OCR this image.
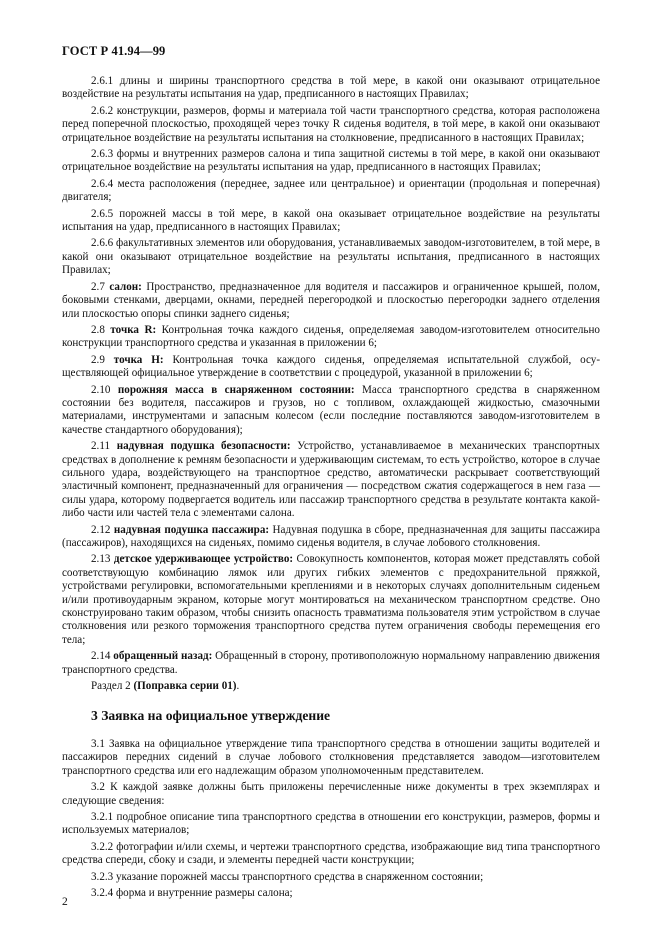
ГОСТ Р 41.94—99

2.6.1 длины и ширины транспортного средства в той мере, в какой они оказывают отрицательное воздействие на результаты испытания на удар, предписанного в настоящих Правилах;

2.6.2 конструкции, размеров, формы и материала той части транспортного средства, которая расположена перед поперечной плоскостью, проходящей через точку R сиденья водителя, в той мере, в какой они оказывают отрицательное воздействие на результаты испытания на столкновение, предписанного в настоящих Правилах;

2.6.3 формы и внутренних размеров салона и типа защитной системы в той мере, в какой они оказывают отрицательное воздействие на результаты испытания на удар, предписанного в настоящих Правилах;

2.6.4 места расположения (переднее, заднее или центральное) и ориентации (продольная и поперечная) двигателя;

2.6.5 порожней массы в той мере, в какой она оказывает отрицательное воздействие на результаты испытания на удар, предписанного в настоящих Правилах;

2.6.6 факультативных элементов или оборудования, устанавливаемых заводом-изготовителем, в той мере, в какой они оказывают отрицательное воздействие на результаты испытания, предписанного в настоящих Правилах;

2.7 салон: Пространство, предназначенное для водителя и пассажиров и ограниченное крышей, полом, боковыми стенками, дверцами, окнами, передней перегородкой и плоскостью перегородки заднего отделения или плоскостью опоры спинки заднего сиденья;

2.8 точка R: Контрольная точка каждого сиденья, определяемая заводом-изготовителем относительно конструкции транспортного средства и указанная в приложении 6;

2.9 точка H: Контрольная точка каждого сиденья, определяемая испытательной службой, осуществляющей официальное утверждение в соответствии с процедурой, указанной в приложении 6;

2.10 порожняя масса в снаряженном состоянии: Масса транспортного средства в снаряженном состоянии без водителя, пассажиров и грузов, но с топливом, охлаждающей жидкостью, смазочными материалами, инструментами и запасным колесом (если последние поставляются заводом-изготовителем в качестве стандартного оборудования);

2.11 надувная подушка безопасности: Устройство, устанавливаемое в механических транспортных средствах в дополнение к ремням безопасности и удерживающим системам, то есть устройство, которое в случае сильного удара, воздействующего на транспортное средство, автоматически раскрывает соответствующий эластичный компонент, предназначенный для ограничения — посредством сжатия содержащегося в нем газа — силы удара, которому подвергается водитель или пассажир транспортного средства в результате контакта какой-либо части или частей тела с элементами салона.

2.12 надувная подушка пассажира: Надувная подушка в сборе, предназначенная для защиты пассажира (пассажиров), находящихся на сиденьях, помимо сиденья водителя, в случае лобового столкновения.

2.13 детское удерживающее устройство: Совокупность компонентов, которая может представлять собой соответствующую комбинацию лямок или других гибких элементов с предохранительной пряжкой, устройствами регулировки, вспомогательными креплениями и в некоторых случаях дополнительным сиденьем и/или противоударным экраном, которые могут монтироваться на механическом транспортном средстве. Оно сконструировано таким образом, чтобы снизить опасность травматизма пользователя этим устройством в случае столкновения или резкого торможения транспортного средства путем ограничения свободы перемещения его тела;

2.14 обращенный назад: Обращенный в сторону, противоположную нормальному направлению движения транспортного средства.

Раздел 2 (Поправка серии 01).

3 Заявка на официальное утверждение

3.1 Заявка на официальное утверждение типа транспортного средства в отношении защиты водителей и пассажиров передних сидений в случае лобового столкновения представляется заводом—изготовителем транспортного средства или его надлежащим образом уполномоченным представителем.

3.2 К каждой заявке должны быть приложены перечисленные ниже документы в трех экземплярах и следующие сведения:

3.2.1 подробное описание типа транспортного средства в отношении его конструкции, размеров, формы и используемых материалов;

3.2.2 фотографии и/или схемы, и чертежи транспортного средства, изображающие вид типа транспортного средства спереди, сбоку и сзади, и элементы передней части конструкции;

3.2.3 указание порожней массы транспортного средства в снаряженном состоянии;

3.2.4 форма и внутренние размеры салона;

2
